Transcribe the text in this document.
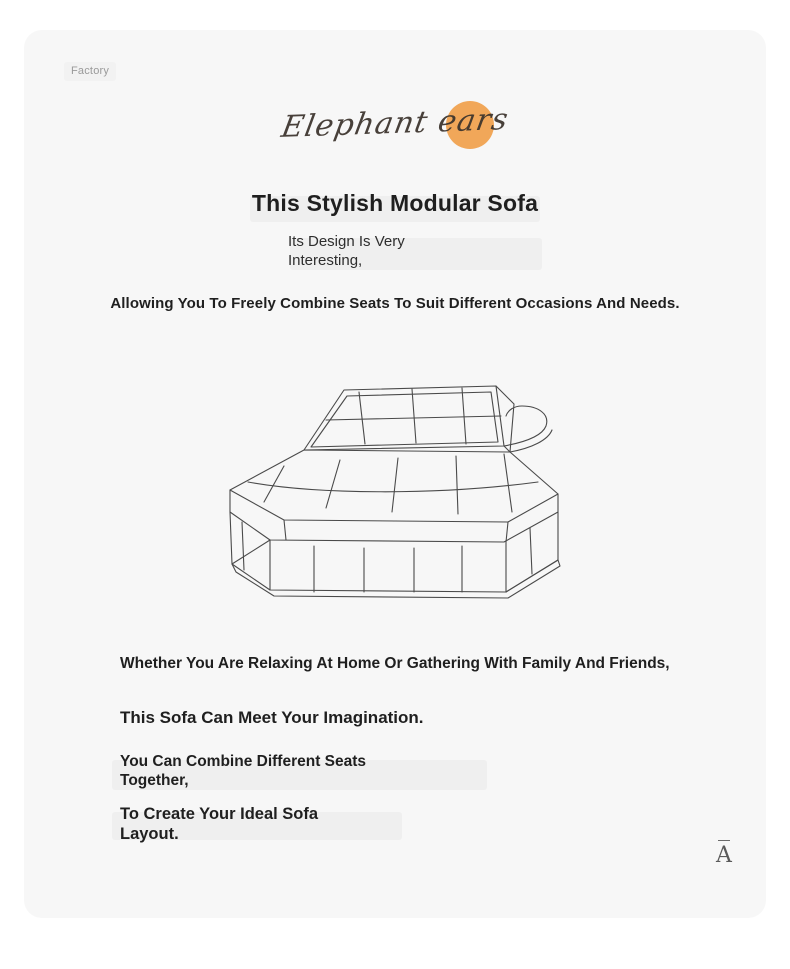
Factory
Elephant ears
This Stylish Modular Sofa
Its Design Is Very
Interesting,
Allowing You To Freely Combine Seats To Suit Different Occasions And Needs.
Whether You Are Relaxing At Home Or Gathering With Family And Friends,
This Sofa Can Meet Your Imagination.
You Can Combine Different Seats
Together,
To Create Your Ideal Sofa
Layout.
A
